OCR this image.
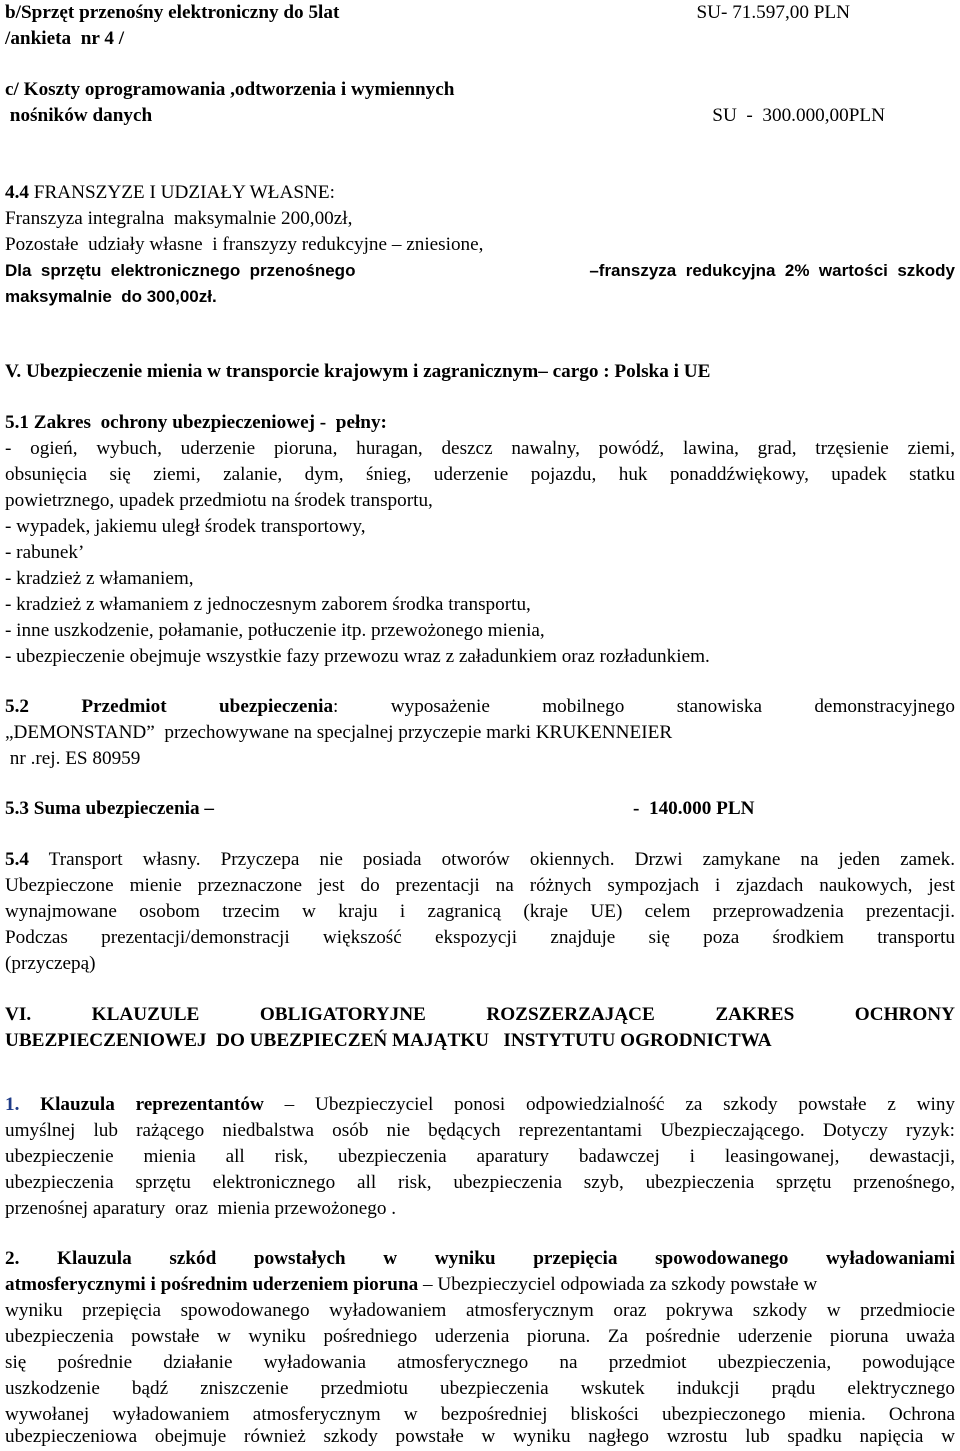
b/Sprzęt przenośny elektroniczny do 5lat	SU- 71.597,00 PLN
/ankieta  nr 4 /
c/ Koszty oprogramowania ,odtworzenia i wymiennych
nośników danych	SU  -  300.000,00PLN
4.4 FRANSZYZE I UDZIAŁY WŁASNE:
Franszyza integralna  maksymalnie 200,00zł,
Pozostałe  udziały własne  i franszyzy redukcyjne – zniesione,
Dla  sprzętu  elektronicznego  przenośnego	–franszyza  redukcyjna  2%  wartości  szkody
maksymalnie  do 300,00zł.
V. Ubezpieczenie mienia w transporcie krajowym i zagranicznym– cargo : Polska i UE
5.1 Zakres  ochrony ubezpieczeniowej -  pełny:
- ogień, wybuch, uderzenie pioruna, huragan, deszcz nawalny, powódź, lawina, grad, trzęsienie ziemi,
obsunięcia się ziemi, zalanie, dym, śnieg, uderzenie pojazdu, huk ponaddźwiękowy, upadek statku
powietrznego, upadek przedmiotu na środek transportu,
- wypadek, jakiemu uległ środek transportowy,
- rabunek’
- kradzież z włamaniem,
- kradzież z włamaniem z jednoczesnym zaborem środka transportu,
- inne uszkodzenie, połamanie, potłuczenie itp. przewożonego mienia,
- ubezpieczenie obejmuje wszystkie fazy przewozu wraz z załadunkiem oraz rozładunkiem.
5.2	Przedmiot ubezpieczenia: wyposażenie mobilnego stanowiska demonstracyjnego
„DEMONSTAND”  przechowywane na specjalnej przyczepie marki KRUKENNEIER
nr .rej. ES 80959
5.3 Suma ubezpieczenia –	-  140.000 PLN
5.4 Transport własny. Przyczepa nie posiada otworów okiennych. Drzwi zamykane na jeden zamek.
Ubezpieczone mienie przeznaczone jest do prezentacji na różnych sympozjach i zjazdach naukowych, jest
wynajmowane osobom trzecim w kraju i zagranicą (kraje UE) celem przeprowadzenia prezentacji.
Podczas prezentacji/demonstracji większość ekspozycji znajduje się poza środkiem transportu
(przyczepą)
VI. KLAUZULE OBLIGATORYJNE ROZSZERZAJĄCE ZAKRES OCHRONY
UBEZPIECZENIOWEJ  DO UBEZPIECZEŃ MAJĄTKU   INSTYTUTU OGRODNICTWA
1. Klauzula reprezentantów – Ubezpieczyciel ponosi odpowiedzialność za szkody powstałe z winy
umyślnej lub rażącego niedbalstwa osób nie będących reprezentantami Ubezpieczającego. Dotyczy ryzyk:
ubezpieczenie mienia all risk, ubezpieczenia aparatury badawczej i leasingowanej, dewastacji,
ubezpieczenia sprzętu elektronicznego all risk, ubezpieczenia szyb, ubezpieczenia sprzętu przenośnego,
przenośnej aparatury  oraz  mienia przewożonego .
2. Klauzula szkód powstałych w wyniku przepięcia spowodowanego wyładowaniami
atmosferycznymi i pośrednim uderzeniem pioruna – Ubezpieczyciel odpowiada za szkody powstałe w
wyniku przepięcia spowodowanego wyładowaniem atmosferycznym oraz pokrywa szkody w przedmiocie
ubezpieczenia powstałe w wyniku pośredniego uderzenia pioruna. Za pośrednie uderzenie pioruna uważa
się pośrednie działanie wyładowania atmosferycznego na przedmiot ubezpieczenia, powodujące
uszkodzenie bądź zniszczenie przedmiotu ubezpieczenia wskutek indukcji prądu elektrycznego
wywołanej wyładowaniem atmosferycznym w bezpośredniej bliskości ubezpieczonego mienia. Ochrona
ubezpieczeniowa obejmuje również szkody powstałe w wyniku nagłego wzrostu lub spadku napięcia w
